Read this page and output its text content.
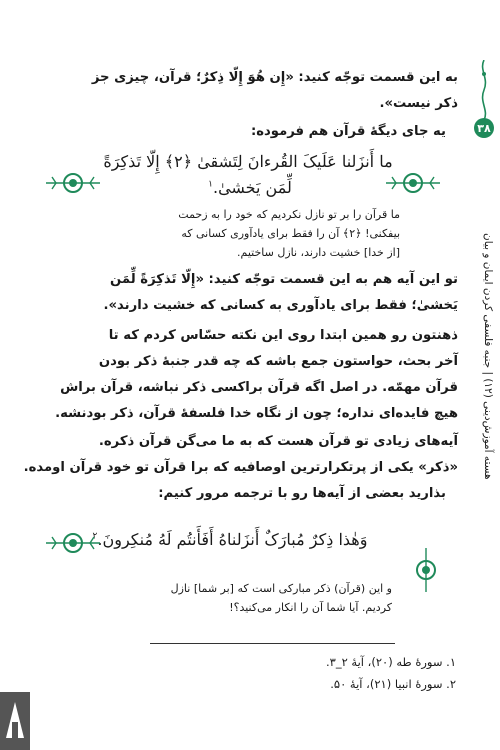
۳۸
هسته آموزش‌دینی (۱۲) | جنبه فلسفی کردن ایمان و بیان
به این قسمت توجّه کنید: «إِن هُوَ إِلّا ذِکرٌ؛ قرآن، چیزی جز
ذکر نیست».
یه جای دیگهٔ قرآن هم فرموده:
ما أَنزَلنا عَلَیکَ القُرءانَ لِتَشقیٰ ﴿۲﴾ إِلّا تَذکِرَةً
لِّمَن یَخشیٰ.$^۱$
ما قرآن را بر تو نازل نکردیم که خود را به زحمت
بیفکنی! ﴿۲﴾ آن را فقط برای یادآوری کسانی که
[از خدا] خشیت دارند، نازل ساختیم.
تو این آیه هم به این قسمت توجّه کنید: «إِلّا تَذکِرَةً لِّمَن
یَخشیٰ؛ فقط برای یادآوری به کسانی که خشیت دارند».
ذهنتون رو همین ابتدا روی این نکته حسّاس کردم که تا
آخر بحث، حواستون جمع باشه که چه قدر جنبهٔ ذکر بودن
قرآن مهمّه. در اصل اگه قرآن براکسی ذکر نباشه، قرآن براش
هیچ فایده‌ای نداره؛ چون از نگاه خدا فلسفهٔ قرآن، ذکر بودنشه.
آیه‌های زیادی تو قرآن هست که به ما می‌گن قرآن ذکره.
«ذکر» یکی از پرتکرارترین اوصافیه که برا قرآن تو خود قرآن اومده.
بذارید بعضی از آیه‌ها رو با ترجمه مرور کنیم:
وَهٰذا ذِکرٌ مُبارَکٌ أَنزَلناهُ أَفَأَنتُم لَهُ مُنکِرونَ.$^۲$
و این (قرآن) ذکر مبارکی است که [بر شما] نازل
کردیم. آیا شما آن را انکار می‌کنید؟!
۱. سورهٔ طه (۲۰)، آیهٔ ۲_۳.
۲. سورهٔ انبیا (۲۱)، آیهٔ ۵۰.
